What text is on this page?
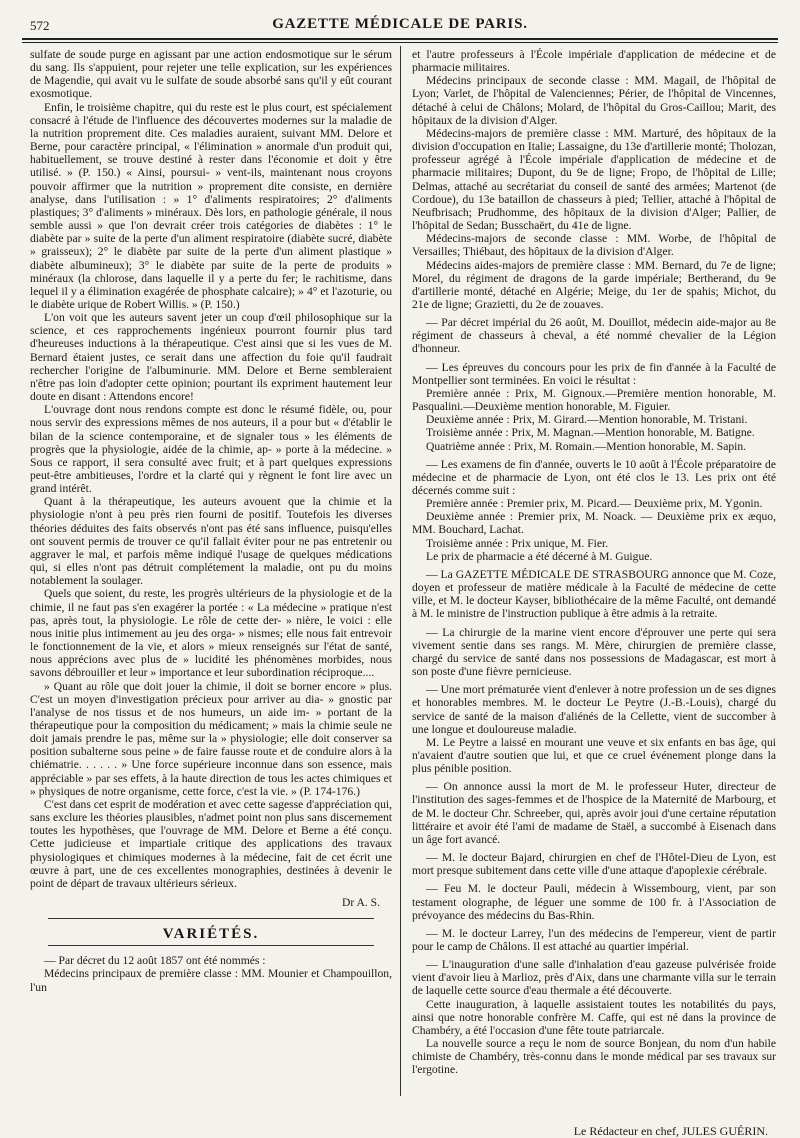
572	GAZETTE MÉDICALE DE PARIS.

sulfate de soude purge en agissant par une action endosmotique sur le sérum du sang. Ils s'appuient, pour rejeter une telle explication, sur les expériences de Magendie, qui avait vu le sulfate de soude absorbé sans qu'il y eût courant exosmotique.

Enfin, le troisième chapitre, qui du reste est le plus court, est spécialement consacré à l'étude de l'influence des découvertes modernes sur la maladie de la nutrition proprement dite. Ces maladies auraient, suivant MM. Delore et Berne, pour caractère principal, « l'élimination » anormale d'un produit qui, habituellement, se trouve destiné à rester dans l'économie et doit y être utilisé. » (P. 150.) « Ainsi, poursui- » vent-ils, maintenant nous croyons pouvoir affirmer que la nutrition » proprement dite consiste, en dernière analyse, dans l'utilisation : » 1° d'aliments respiratoires; 2° d'aliments plastiques; 3° d'aliments » minéraux. Dès lors, en pathologie générale, il nous semble aussi » que l'on devrait créer trois catégories de diabètes : 1° le diabète par » suite de la perte d'un aliment respiratoire (diabète sucré, diabète » graisseux); 2° le diabète par suite de la perte d'un aliment plastique » diabète albumineux); 3° le diabète par suite de la perte de produits » minéraux (la chlorose, dans laquelle il y a perte du fer; le rachitisme, dans lequel il y a élimination exagérée de phosphate calcaire); » 4° et l'azoturie, ou le diabète urique de Robert Willis. » (P. 150.)

L'on voit que les auteurs savent jeter un coup d'œil philosophique sur la science, et ces rapprochements ingénieux pourront fournir plus tard d'heureuses inductions à la thérapeutique. C'est ainsi que si les vues de M. Bernard étaient justes, ce serait dans une affection du foie qu'il faudrait rechercher l'origine de l'albuminurie. MM. Delore et Berne sembleraient n'être pas loin d'adopter cette opinion; pourtant ils expriment hautement leur doute en disant : Attendons encore!

L'ouvrage dont nous rendons compte est donc le résumé fidèle, ou, pour nous servir des expressions mêmes de nos auteurs, il a pour but « d'établir le bilan de la science contemporaine, et de signaler tous » les éléments de progrès que la physiologie, aidée de la chimie, ap- » porte à la médecine. » Sous ce rapport, il sera consulté avec fruit; et à part quelques expressions peut-être ambitieuses, l'ordre et la clarté qui y règnent le font lire avec un grand intérêt.

Quant à la thérapeutique, les auteurs avouent que la chimie et la physiologie n'ont à peu près rien fourni de positif. Toutefois les diverses théories déduites des faits observés n'ont pas été sans influence, puisqu'elles ont souvent permis de trouver ce qu'il fallait éviter pour ne pas entretenir ou aggraver le mal, et parfois même indiqué l'usage de quelques médications qui, si elles n'ont pas détruit complétement la maladie, ont pu du moins notablement la soulager.

Quels que soient, du reste, les progrès ultérieurs de la physiologie et de la chimie, il ne faut pas s'en exagérer la portée : « La médecine » pratique n'est pas, après tout, la physiologie. Le rôle de cette der- » nière, le voici : elle nous initie plus intimement au jeu des orga- » nismes; elle nous fait entrevoir le fonctionnement de la vie, et alors » mieux renseignés sur l'état de santé, nous apprécions avec plus de » lucidité les phénomènes morbides, nous savons débrouiller et leur » importance et leur subordination réciproque....

» Quant au rôle que doit jouer la chimie, il doit se borner encore » plus. C'est un moyen d'investigation précieux pour arriver au dia- » gnostic par l'analyse de nos tissus et de nos humeurs, un aide im- » portant de la thérapeutique pour la composition du médicament; » mais la chimie seule ne doit jamais prendre le pas, même sur la » physiologie; elle doit conserver sa position subalterne sous peine » de faire fausse route et de conduire alors à la chiématrie. . . . . . » Une force supérieure inconnue dans son essence, mais appréciable » par ses effets, à la haute direction de tous les actes chimiques et » physiques de notre organisme, cette force, c'est la vie. » (P. 174-176.)

C'est dans cet esprit de modération et avec cette sagesse d'appréciation qui, sans exclure les théories plausibles, n'admet point non plus sans discernement toutes les hypothèses, que l'ouvrage de MM. Delore et Berne a été conçu. Cette judicieuse et impartiale critique des applications des travaux physiologiques et chimiques modernes à la médecine, fait de cet écrit une œuvre à part, une de ces excellentes monographies, destinées à devenir le point de départ de travaux ultérieurs sérieux.

Dr A. S.
VARIÉTÉS.

— Par décret du 12 août 1857 ont été nommés :

Médecins principaux de première classe : MM. Mounier et Champouillon, l'un

et l'autre professeurs à l'École impériale d'application de médecine et de pharmacie militaires.

Médecins principaux de seconde classe : MM. Magail, de l'hôpital de Lyon; Varlet, de l'hôpital de Valenciennes; Périer, de l'hôpital de Vincennes, détaché à celui de Châlons; Molard, de l'hôpital du Gros-Caillou; Marit, des hôpitaux de la division d'Alger.

Médecins-majors de première classe : MM. Marturé, des hôpitaux de la division d'occupation en Italie; Lassaigne, du 13e d'artillerie monté; Tholozan, professeur agrégé à l'École impériale d'application de médecine et de pharmacie militaires; Dupont, du 9e de ligne; Fropo, de l'hôpital de Lille; Delmas, attaché au secrétariat du conseil de santé des armées; Martenot (de Cordoue), du 13e bataillon de chasseurs à pied; Tellier, attaché à l'hôpital de Neufbrisach; Prudhomme, des hôpitaux de la division d'Alger; Pallier, de l'hôpital de Sedan; Busschaërt, du 41e de ligne.

Médecins-majors de seconde classe : MM. Worbe, de l'hôpital de Versailles; Thiébaut, des hôpitaux de la division d'Alger.

Médecins aides-majors de première classe : MM. Bernard, du 7e de ligne; Morel, du régiment de dragons de la garde impériale; Bertherand, du 9e d'artillerie monté, détaché en Algérie; Meige, du 1er de spahis; Michot, du 21e de ligne; Grazietti, du 2e de zouaves.

— Par décret impérial du 26 août, M. Douillot, médecin aide-major au 8e régiment de chasseurs à cheval, a été nommé chevalier de la Légion d'honneur.

— Les épreuves du concours pour les prix de fin d'année à la Faculté de Montpellier sont terminées. En voici le résultat :

Première année : Prix, M. Gignoux.—Première mention honorable, M. Pasqualini.—Deuxième mention honorable, M. Figuier.

Deuxième année : Prix, M. Girard.—Mention honorable, M. Tristani.

Troisième année : Prix, M. Magnan.—Mention honorable, M. Batigne.

Quatrième année : Prix, M. Romain.—Mention honorable, M. Sapin.

— Les examens de fin d'année, ouverts le 10 août à l'École préparatoire de médecine et de pharmacie de Lyon, ont été clos le 13. Les prix ont été décernés comme suit :

Première année : Premier prix, M. Picard.— Deuxième prix, M. Ygonin.

Deuxième année : Premier prix, M. Noack. — Deuxième prix ex æquo, MM. Bouchard, Lachat.

Troisième année : Prix unique, M. Fier.

Le prix de pharmacie a été décerné à M. Guigue.

— La GAZETTE MÉDICALE DE STRASBOURG annonce que M. Coze, doyen et professeur de matière médicale à la Faculté de médecine de cette ville, et M. le docteur Kayser, bibliothécaire de la même Faculté, ont demandé à M. le ministre de l'instruction publique à être admis à la retraite.

— La chirurgie de la marine vient encore d'éprouver une perte qui sera vivement sentie dans ses rangs. M. Mère, chirurgien de première classe, chargé du service de santé dans nos possessions de Madagascar, est mort à son poste d'une fièvre pernicieuse.

— Une mort prématurée vient d'enlever à notre profession un de ses dignes et honorables membres. M. le docteur Le Peytre (J.-B.-Louis), chargé du service de santé de la maison d'aliénés de la Cellette, vient de succomber à une longue et douloureuse maladie.

M. Le Peytre a laissé en mourant une veuve et six enfants en bas âge, qui n'avaient d'autre soutien que lui, et que ce cruel événement plonge dans la plus pénible position.

— On annonce aussi la mort de M. le professeur Huter, directeur de l'institution des sages-femmes et de l'hospice de la Maternité de Marbourg, et de M. le docteur Chr. Schreeber, qui, après avoir joui d'une certaine réputation littéraire et avoir été l'ami de madame de Staël, a succombé à Eisenach dans un âge fort avancé.

— M. le docteur Bajard, chirurgien en chef de l'Hôtel-Dieu de Lyon, est mort presque subitement dans cette ville d'une attaque d'apoplexie cérébrale.

— Feu M. le docteur Pauli, médecin à Wissembourg, vient, par son testament olographe, de léguer une somme de 100 fr. à l'Association de prévoyance des médecins du Bas-Rhin.

— M. le docteur Larrey, l'un des médecins de l'empereur, vient de partir pour le camp de Châlons. Il est attaché au quartier impérial.

— L'inauguration d'une salle d'inhalation d'eau gazeuse pulvérisée froide vient d'avoir lieu à Marlioz, près d'Aix, dans une charmante villa sur le terrain de laquelle cette source d'eau thermale a été découverte.

Cette inauguration, à laquelle assistaient toutes les notabilités du pays, ainsi que notre honorable confrère M. Caffe, qui est né dans la province de Chambéry, a été l'occasion d'une fête toute patriarcale.

La nouvelle source a reçu le nom de source Bonjean, du nom d'un habile chimiste de Chambéry, très-connu dans le monde médical par ses travaux sur l'ergotine.

Le Rédacteur en chef, JULES GUÉRIN.
